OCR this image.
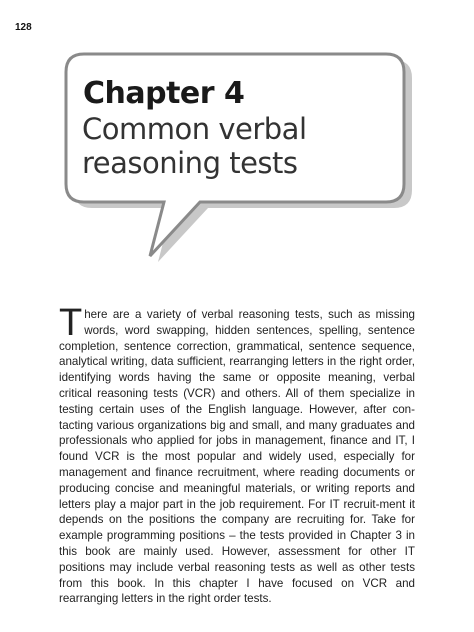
128
Chapter 4
Common verbal
reasoning tests

There are a variety of verbal reasoning tests, such as missing words, word swapping, hidden sentences, spelling, sentence completion, sentence correction, grammatical, sentence sequence, analytical writing, data sufficient, rearranging letters in the right order, identifying words having the same or opposite meaning, verbal critical reasoning tests (VCR) and others. All of them specialize in testing certain uses of the English language. However, after con-tacting various organizations big and small, and many graduates and professionals who applied for jobs in management, finance and IT, I found VCR is the most popular and widely used, especially for management and finance recruitment, where reading documents or producing concise and meaningful materials, or writing reports and letters play a major part in the job requirement. For IT recruit-ment it depends on the positions the company are recruiting for. Take for example programming positions – the tests provided in Chapter 3 in this book are mainly used. However, assessment for other IT positions may include verbal reasoning tests as well as other tests from this book. In this chapter I have focused on VCR and rearranging letters in the right order tests.
